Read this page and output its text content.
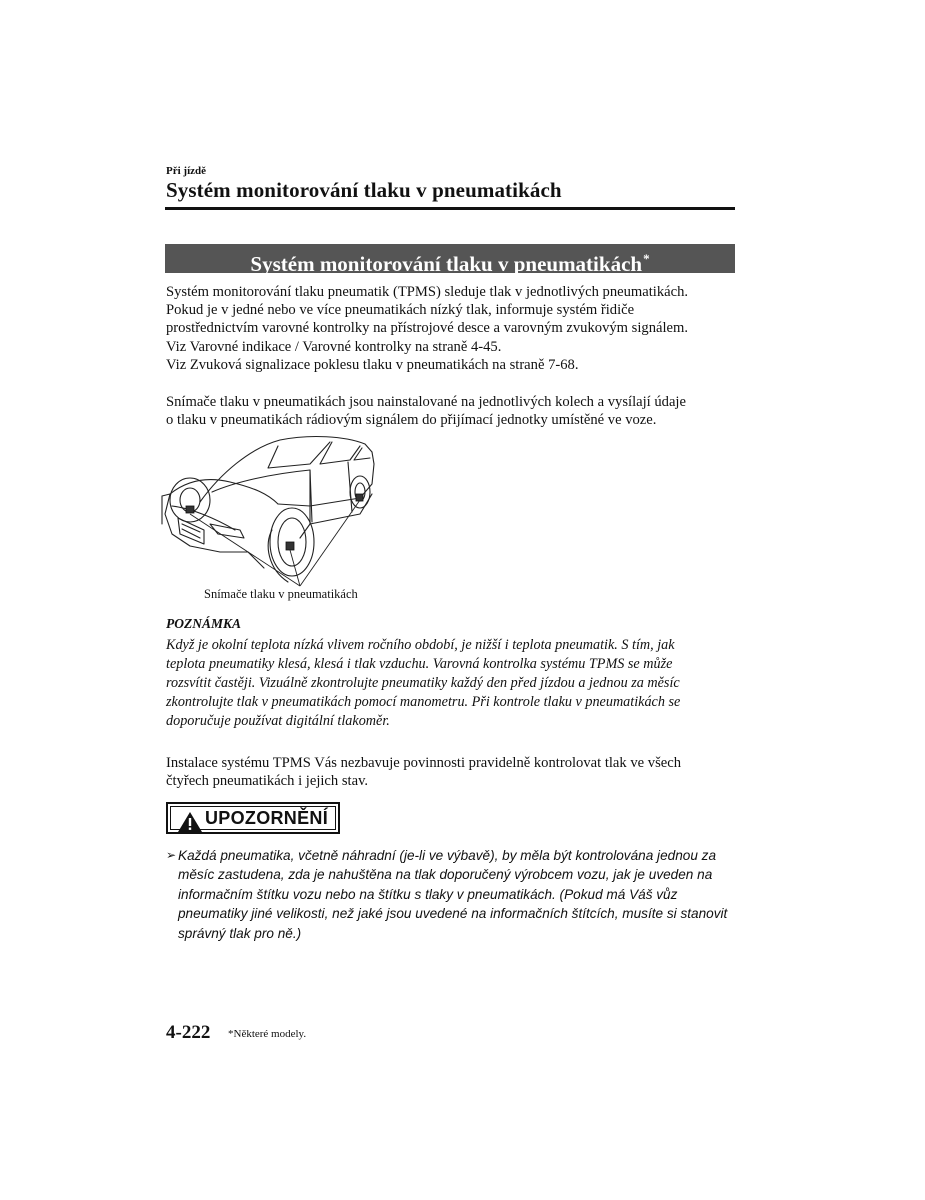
Při jízdě
Systém monitorování tlaku v pneumatikách
Systém monitorování tlaku v pneumatikách*
Systém monitorování tlaku pneumatik (TPMS) sleduje tlak v jednotlivých pneumatikách.
Pokud je v jedné nebo ve více pneumatikách nízký tlak, informuje systém řidiče
prostřednictvím varovné kontrolky na přístrojové desce a varovným zvukovým signálem.
Viz Varovné indikace / Varovné kontrolky na straně 4-45.
Viz Zvuková signalizace poklesu tlaku v pneumatikách na straně 7-68.
Snímače tlaku v pneumatikách jsou nainstalované na jednotlivých kolech a vysílají údaje
o tlaku v pneumatikách rádiovým signálem do přijímací jednotky umístěné ve voze.
Snímače tlaku v pneumatikách
POZNÁMKA
Když je okolní teplota nízká vlivem ročního období, je nižší i teplota pneumatik. S tím, jak
teplota pneumatiky klesá, klesá i tlak vzduchu. Varovná kontrolka systému TPMS se může
rozsvítit častěji. Vizuálně zkontrolujte pneumatiky každý den před jízdou a jednou za měsíc
zkontrolujte tlak v pneumatikách pomocí manometru. Při kontrole tlaku v pneumatikách se
doporučuje používat digitální tlakoměr.
Instalace systému TPMS Vás nezbavuje povinnosti pravidelně kontrolovat tlak ve všech
čtyřech pneumatikách i jejich stav.
UPOZORNĚNÍ
➢ Každá pneumatika, včetně náhradní (je-li ve výbavě), by měla být kontrolována jednou za
měsíc zastudena, zda je nahuštěna na tlak doporučený výrobcem vozu, jak je uveden na
informačním štítku vozu nebo na štítku s tlaky v pneumatikách. (Pokud má Váš vůz
pneumatiky jiné velikosti, než jaké jsou uvedené na informačních štítcích, musíte si stanovit
správný tlak pro ně.)
4-222 *Některé modely.
